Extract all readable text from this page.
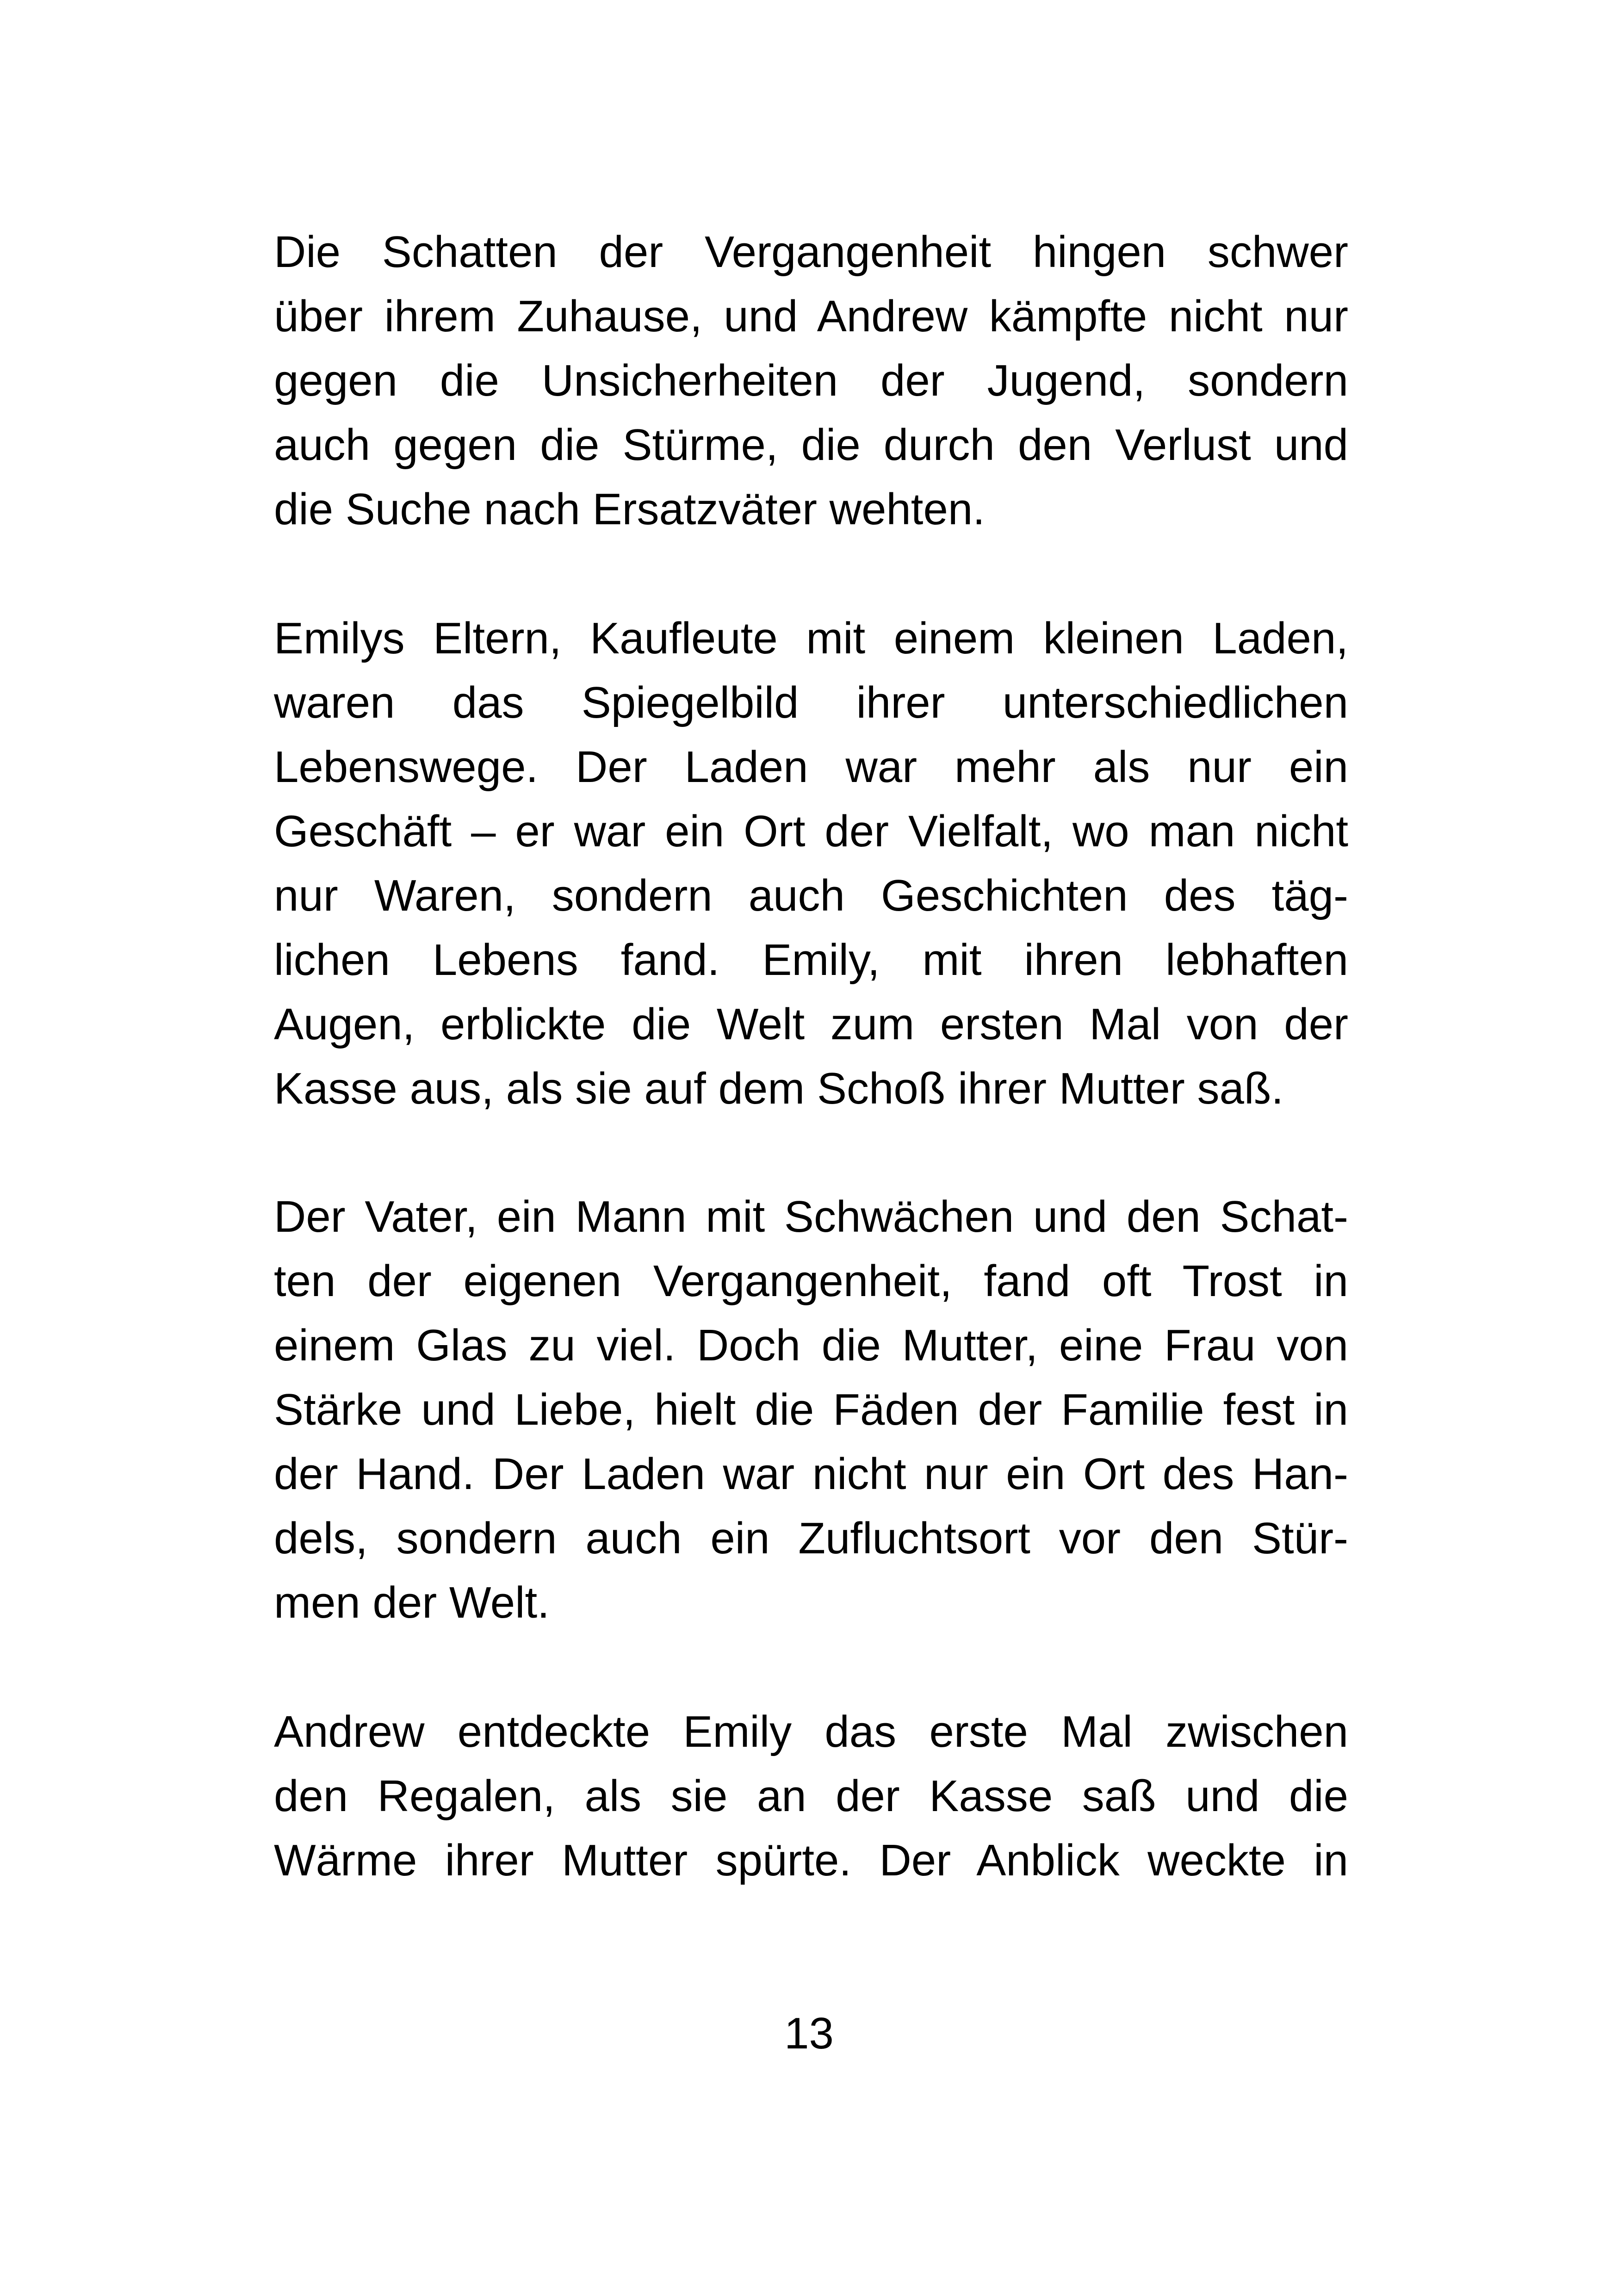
Die Schatten der Vergangenheit hingen schwer
über ihrem Zuhause, und Andrew kämpfte nicht nur
gegen die Unsicherheiten der Jugend, sondern
auch gegen die Stürme, die durch den Verlust und
die Suche nach Ersatzväter wehten.
Emilys Eltern, Kaufleute mit einem kleinen Laden,
waren das Spiegelbild ihrer unterschiedlichen
Lebenswege. Der Laden war mehr als nur ein
Geschäft – er war ein Ort der Vielfalt, wo man nicht
nur Waren, sondern auch Geschichten des täg-
lichen Lebens fand. Emily, mit ihren lebhaften
Augen, erblickte die Welt zum ersten Mal von der
Kasse aus, als sie auf dem Schoß ihrer Mutter saß.
Der Vater, ein Mann mit Schwächen und den Schat-
ten der eigenen Vergangenheit, fand oft Trost in
einem Glas zu viel. Doch die Mutter, eine Frau von
Stärke und Liebe, hielt die Fäden der Familie fest in
der Hand. Der Laden war nicht nur ein Ort des Han-
dels, sondern auch ein Zufluchtsort vor den Stür-
men der Welt.
Andrew entdeckte Emily das erste Mal zwischen
den Regalen, als sie an der Kasse saß und die
Wärme ihrer Mutter spürte. Der Anblick weckte in
13
